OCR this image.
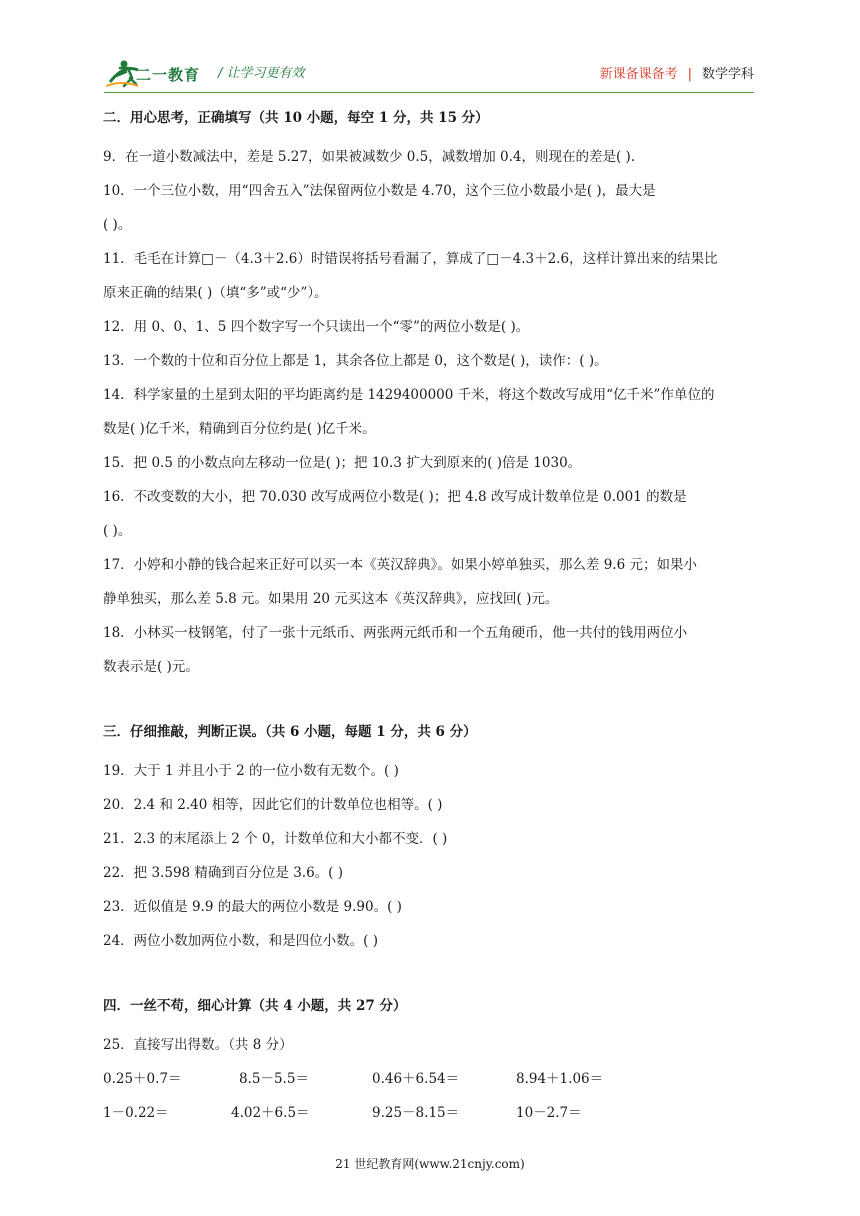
二一教育 / 让学习更有效	新课备课备考 | 数学学科
二．用心思考，正确填写（共 10 小题，每空 1 分，共 15 分）
9．在一道小数减法中，差是 5.27，如果被减数少 0.5，减数增加 0.4，则现在的差是( ).
10．一个三位小数，用“四舍五入”法保留两位小数是 4.70，这个三位小数最小是( )，最大是
( )。
11．毛毛在计算□－（4.3＋2.6）时错误将括号看漏了，算成了□－4.3＋2.6，这样计算出来的结果比
原来正确的结果( )（填“多”或“少”）。
12．用 0、0、1、5 四个数字写一个只读出一个“零”的两位小数是( )。
13．一个数的十位和百分位上都是 1，其余各位上都是 0，这个数是( )，读作：( )。
14．科学家量的土星到太阳的平均距离约是 1429400000 千米，将这个数改写成用“亿千米”作单位的
数是( )亿千米，精确到百分位约是( )亿千米。
15．把 0.5 的小数点向左移动一位是( )；把 10.3 扩大到原来的( )倍是 1030。
16．不改变数的大小，把 70.030 改写成两位小数是( )；把 4.8 改写成计数单位是 0.001 的数是
( )。
17．小婷和小静的钱合起来正好可以买一本《英汉辞典》。如果小婷单独买，那么差 9.6 元；如果小
静单独买，那么差 5.8 元。如果用 20 元买这本《英汉辞典》，应找回( )元。
18．小林买一枝钢笔，付了一张十元纸币、两张两元纸币和一个五角硬币，他一共付的钱用两位小
数表示是( )元。
三．仔细推敲，判断正误。（共 6 小题，每题 1 分，共 6 分）
19．大于 1 并且小于 2 的一位小数有无数个。( )
20．2.4 和 2.40 相等，因此它们的计数单位也相等。( )
21．2.3 的末尾添上 2 个 0，计数单位和大小都不变．( )
22．把 3.598 精确到百分位是 3.6。( )
23．近似值是 9.9 的最大的两位小数是 9.90。( )
24．两位小数加两位小数，和是四位小数。( )
四．一丝不苟，细心计算（共 4 小题，共 27 分）
25．直接写出得数。（共 8 分）
0.25＋0.7＝	8.5－5.5＝	0.46＋6.54＝	8.94＋1.06＝
1－0.22＝	4.02＋6.5＝	9.25－8.15＝	10－2.7＝
21 世纪教育网(www.21cnjy.com)
